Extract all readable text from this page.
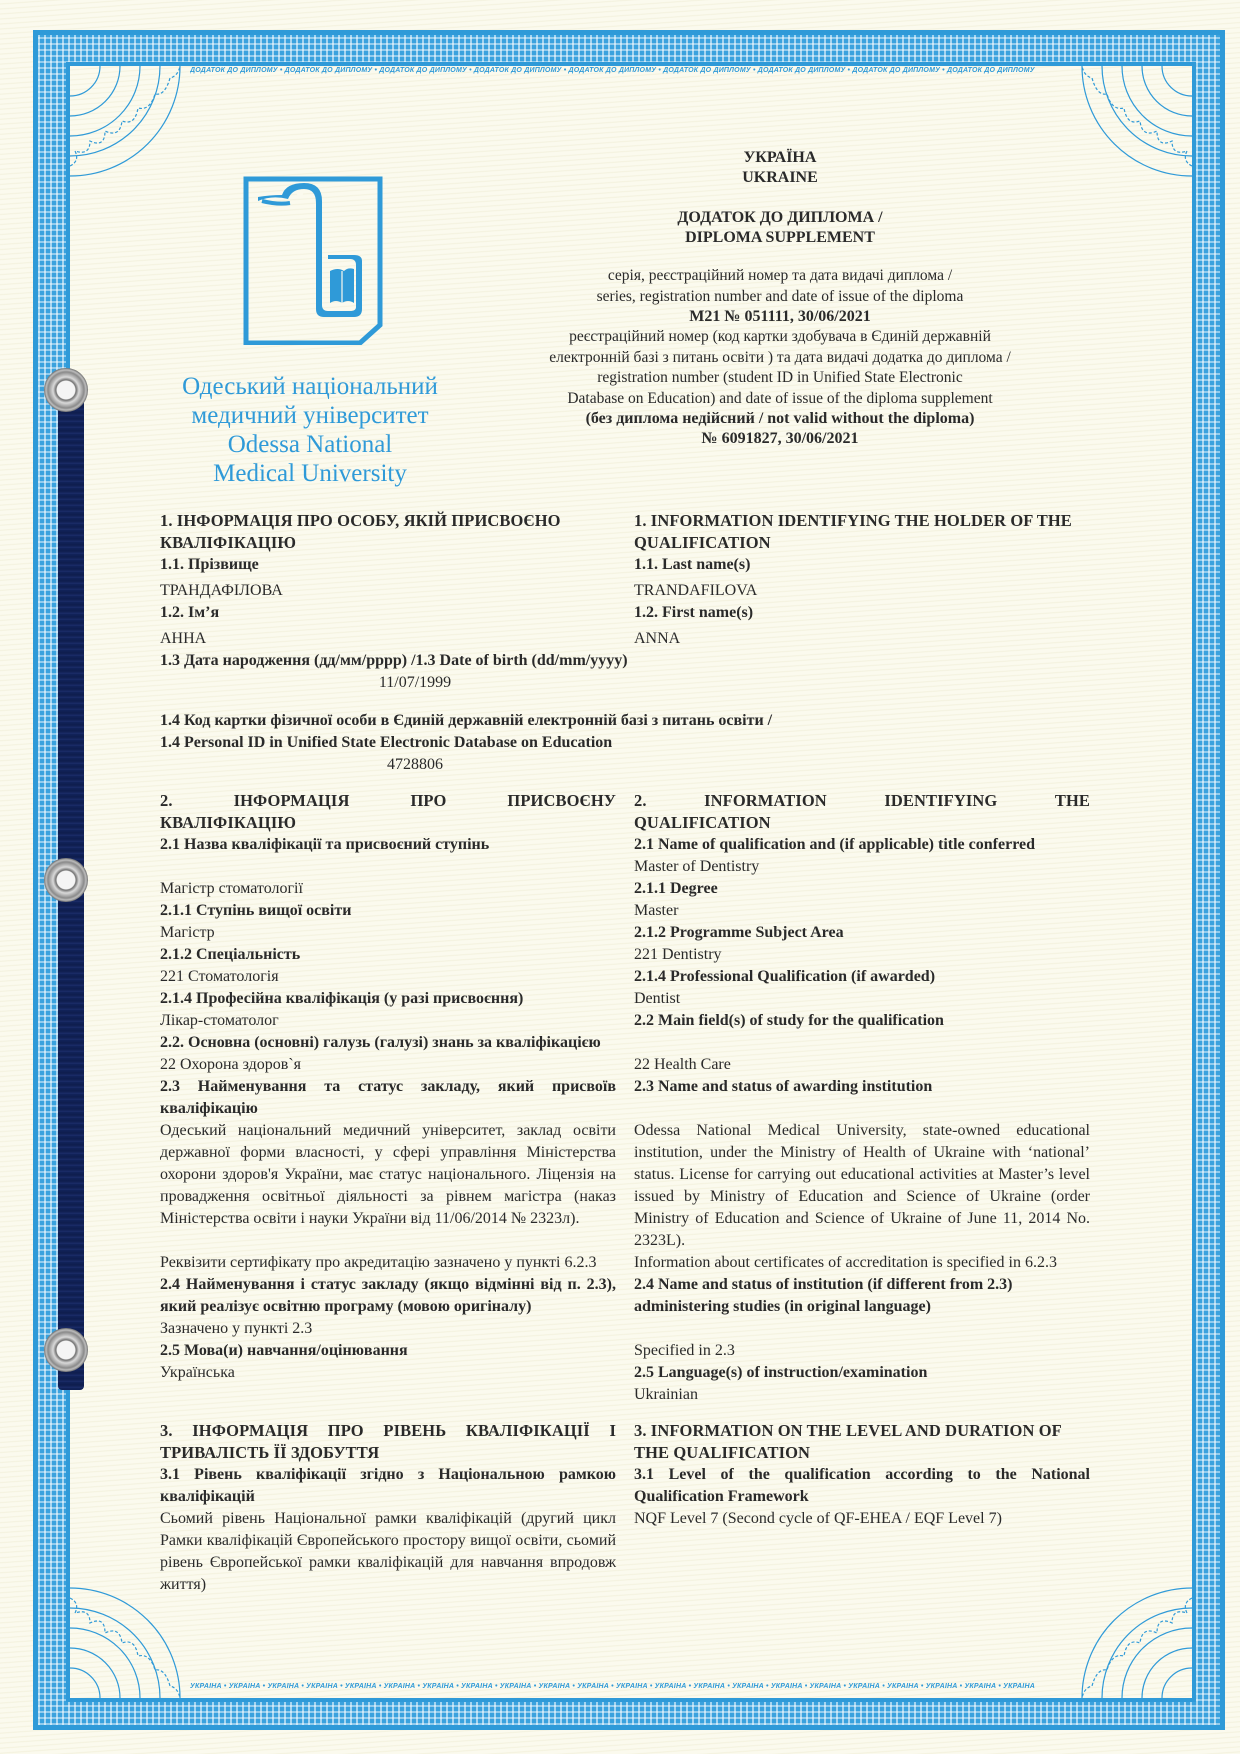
ДОДАТОК ДО ДИПЛОМУ • ДОДАТОК ДО ДИПЛОМУ • ДОДАТОК ДО ДИПЛОМУ • ДОДАТОК ДО ДИПЛОМУ • ДОДАТОК ДО ДИПЛОМУ • ДОДАТОК ДО ДИПЛОМУ • ДОДАТОК ДО ДИПЛОМУ • ДОДАТОК ДО ДИПЛОМУ • ДОДАТОК ДО ДИПЛОМУ
УКРАЇНА • УКРАЇНА • УКРАЇНА • УКРАЇНА • УКРАЇНА • УКРАЇНА • УКРАЇНА • УКРАЇНА • УКРАЇНА • УКРАЇНА • УКРАЇНА • УКРАЇНА • УКРАЇНА • УКРАЇНА • УКРАЇНА • УКРАЇНА • УКРАЇНА • УКРАЇНА • УКРАЇНА • УКРАЇНА • УКРАЇНА • УКРАЇНА
Одеський національний
медичний університет
Odessa National
Medical University
УКРАЇНА
UKRAINE
ДОДАТОК ДО ДИПЛОМА /
DIPLOMA SUPPLEMENT
серія, реєстраційний номер та дата видачі диплома /
series, registration number and date of issue of the diploma
M21 № 051111, 30/06/2021
реєстраційний номер (код картки здобувача в Єдиній державній
електронній базі з питань освіти ) та дата видачі додатка до диплома /
registration number (student ID in Unified State Electronic
Database on Education) and date of issue of the diploma supplement
(без диплома недійсний / not valid without the diploma)
№ 6091827, 30/06/2021
1. ІНФОРМАЦІЯ ПРО ОСОБУ, ЯКІЙ ПРИСВОЄНО КВАЛІФІКАЦІЮ
1.1. Прізвище
ТРАНДАФІЛОВА
1.2. Ім’я
АННА
1. INFORMATION IDENTIFYING THE HOLDER OF THE QUALIFICATION
1.1. Last name(s)
TRANDAFILOVA
1.2. First name(s)
ANNA
1.3 Дата народження (дд/мм/рррр) /1.3 Date of birth (dd/mm/yyyy)
11/07/1999
1.4 Код картки фізичної особи в Єдиній державній електронній базі з питань освіти /
1.4 Personal ID in Unified State Electronic Database on Education
4728806
2.	ІНФОРМАЦІЯ	ПРО	ПРИСВОЄНУ
КВАЛІФІКАЦІЮ
2.1 Назва кваліфікації та присвоєний ступінь
Магістр стоматології
2.1.1 Ступінь вищої освіти
Магістр
2.1.2 Спеціальність
221 Стоматологія
2.1.4 Професійна кваліфікація (у разі присвоєння)
Лікар-стоматолог
2.2. Основна (основні) галузь (галузі) знань за кваліфікацією
22 Охорона здоров`я
2.3 Найменування та статус закладу, який присвоїв кваліфікацію
Одеський національний медичний університет, заклад освіти державної форми власності, у сфері управління Міністерства охорони здоров'я України, має статус національного. Ліцензія на провадження освітньої діяльності за рівнем магістра (наказ Міністерства освіти і науки України від 11/06/2014 № 2323л).
Реквізити сертифікату про акредитацію зазначено у пункті 6.2.3
2.4 Найменування і статус закладу (якщо відмінні від п. 2.3), який реалізує освітню програму (мовою оригіналу)
Зазначено у пункті 2.3
2.5 Мова(и) навчання/оцінювання
Українська
2.	INFORMATION	IDENTIFYING	THE
QUALIFICATION
2.1 Name of qualification and (if applicable) title conferred
Master of Dentistry
2.1.1 Degree
Master
2.1.2 Programme Subject Area
221 Dentistry
2.1.4 Professional Qualification (if awarded)
Dentist
2.2 Main field(s) of study for the qualification
22 Health Care
2.3 Name and status of awarding institution
Odessa National Medical University, state-owned educational institution, under the Ministry of Health of Ukraine with ‘national’ status. License for carrying out educational activities at Master’s level issued by Ministry of Education and Science of Ukraine (order Ministry of Education and Science of Ukraine of June 11, 2014 No. 2323L).
Information about certificates of accreditation is specified in 6.2.3
2.4 Name and status of institution (if different from 2.3) administering studies (in original language)
Specified in 2.3
2.5 Language(s) of instruction/examination
Ukrainian
3. ІНФОРМАЦІЯ ПРО РІВЕНЬ КВАЛІФІКАЦІЇ І ТРИВАЛІСТЬ ЇЇ ЗДОБУТТЯ
3.1 Рівень кваліфікації згідно з Національною рамкою кваліфікацій
Сьомий рівень Національної рамки кваліфікацій (другий цикл Рамки кваліфікацій Європейського простору вищої освіти, сьомий рівень Європейської рамки кваліфікацій для навчання впродовж життя)
3. INFORMATION ON THE LEVEL AND DURATION OF THE QUALIFICATION
3.1 Level of the qualification according to the National Qualification Framework
NQF Level 7 (Second cycle of QF-EHEA / EQF Level 7)
